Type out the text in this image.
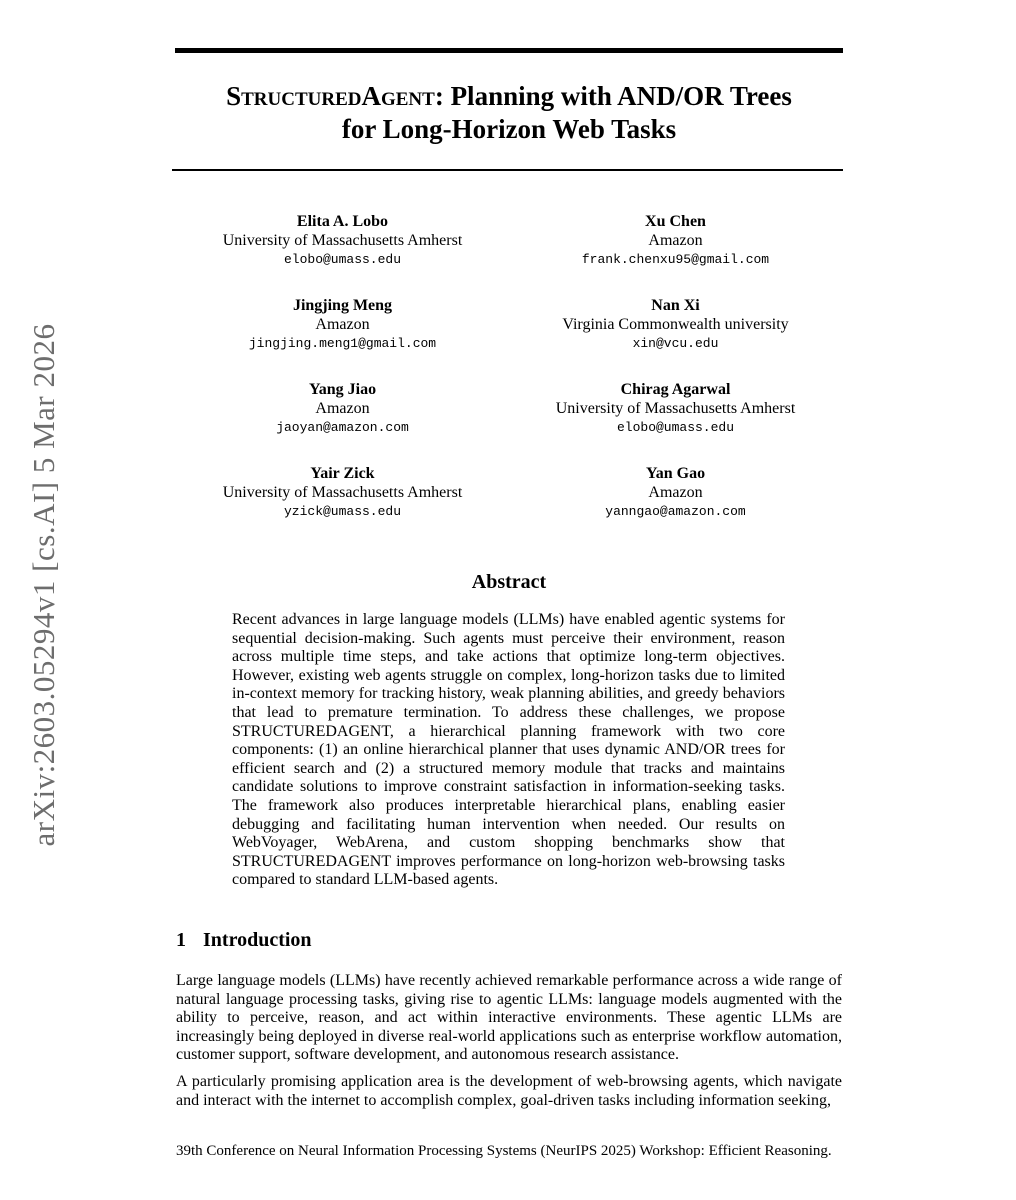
arXiv:2603.05294v1 [cs.AI] 5 Mar 2026
StructuredAgent: Planning with AND/OR Trees
for Long-Horizon Web Tasks
Elita A. Lobo
University of Massachusetts Amherst
elobo@umass.edu
Xu Chen
Amazon
frank.chenxu95@gmail.com
Jingjing Meng
Amazon
jingjing.meng1@gmail.com
Nan Xi
Virginia Commonwealth university
xin@vcu.edu
Yang Jiao
Amazon
jaoyan@amazon.com
Chirag Agarwal
University of Massachusetts Amherst
elobo@umass.edu
Yair Zick
University of Massachusetts Amherst
yzick@umass.edu
Yan Gao
Amazon
yanngao@amazon.com
Abstract

Recent advances in large language models (LLMs) have enabled agentic systems for sequential decision-making. Such agents must perceive their environment, reason across multiple time steps, and take actions that optimize long-term objectives. However, existing web agents struggle on complex, long-horizon tasks due to limited in-context memory for tracking history, weak planning abilities, and greedy behaviors that lead to premature termination. To address these challenges, we propose STRUCTUREDAGENT, a hierarchical planning framework with two core components: (1) an online hierarchical planner that uses dynamic AND/OR trees for efficient search and (2) a structured memory module that tracks and maintains candidate solutions to improve constraint satisfaction in information-seeking tasks. The framework also produces interpretable hierarchical plans, enabling easier debugging and facilitating human intervention when needed. Our results on WebVoyager, WebArena, and custom shopping benchmarks show that STRUCTUREDAGENT improves performance on long-horizon web-browsing tasks compared to standard LLM-based agents.

1 Introduction

Large language models (LLMs) have recently achieved remarkable performance across a wide range of natural language processing tasks, giving rise to agentic LLMs: language models augmented with the ability to perceive, reason, and act within interactive environments. These agentic LLMs are increasingly being deployed in diverse real-world applications such as enterprise workflow automation, customer support, software development, and autonomous research assistance.

A particularly promising application area is the development of web-browsing agents, which navigate and interact with the internet to accomplish complex, goal-driven tasks including information seeking,

39th Conference on Neural Information Processing Systems (NeurIPS 2025) Workshop: Efficient Reasoning.
